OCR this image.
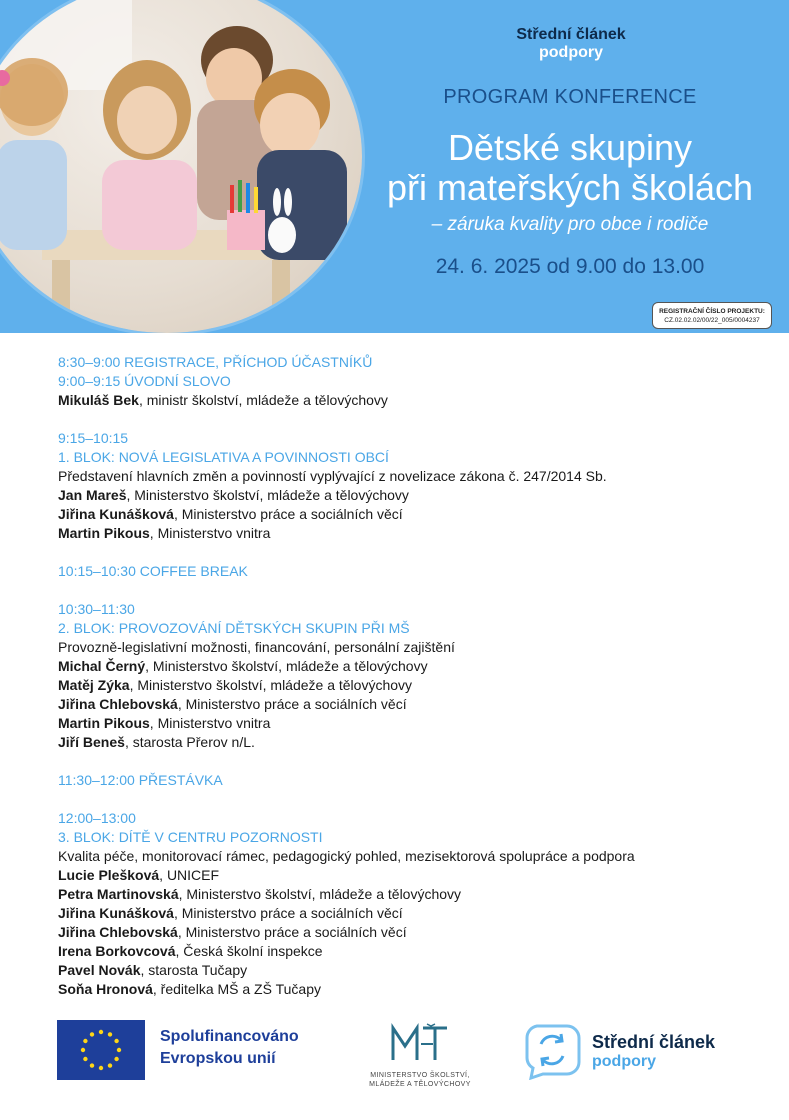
Střední článek
podpory
PROGRAM KONFERENCE
Dětské skupiny
při mateřských školách
– záruka kvality pro obce i rodiče
24. 6. 2025 od 9.00 do 13.00
REGISTRAČNÍ ČÍSLO PROJEKTU:
CZ.02.02.02/00/22_005/0004237
8:30–9:00 REGISTRACE, PŘÍCHOD ÚČASTNÍKŮ
9:00–9:15 ÚVODNÍ SLOVO
Mikuláš Bek, ministr školství, mládeže a tělovýchovy
9:15–10:15
1. BLOK: NOVÁ LEGISLATIVA A POVINNOSTI OBCÍ
Představení hlavních změn a povinností vyplývající z novelizace zákona č. 247/2014 Sb.
Jan Mareš, Ministerstvo školství, mládeže a tělovýchovy
Jiřina Kunášková, Ministerstvo práce a sociálních věcí
Martin Pikous, Ministerstvo vnitra
10:15–10:30 COFFEE BREAK
10:30–11:30
2. BLOK: PROVOZOVÁNÍ DĚTSKÝCH SKUPIN PŘI MŠ
Provozně-legislativní možnosti, financování, personální zajištění
Michal Černý, Ministerstvo školství, mládeže a tělovýchovy
Matěj Zýka, Ministerstvo školství, mládeže a tělovýchovy
Jiřina Chlebovská, Ministerstvo práce a sociálních věcí
Martin Pikous, Ministerstvo vnitra
Jiří Beneš, starosta Přerov n/L.
11:30–12:00 PŘESTÁVKA
12:00–13:00
3. BLOK: DÍTĚ V CENTRU POZORNOSTI
Kvalita péče, monitorovací rámec, pedagogický pohled, mezisektorová spolupráce a podpora
Lucie Plešková, UNICEF
Petra Martinovská, Ministerstvo školství, mládeže a tělovýchovy
Jiřina Kunášková, Ministerstvo práce a sociálních věcí
Jiřina Chlebovská, Ministerstvo práce a sociálních věcí
Irena Borkovcová, Česká školní inspekce
Pavel Novák, starosta Tučapy
Soňa Hronová, ředitelka MŠ a ZŠ Tučapy
Spolufinancováno
Evropskou unií
MINISTERSTVO ŠKOLSTVÍ,
MLÁDEŽE A TĚLOVÝCHOVY
Střední článek
podpory
